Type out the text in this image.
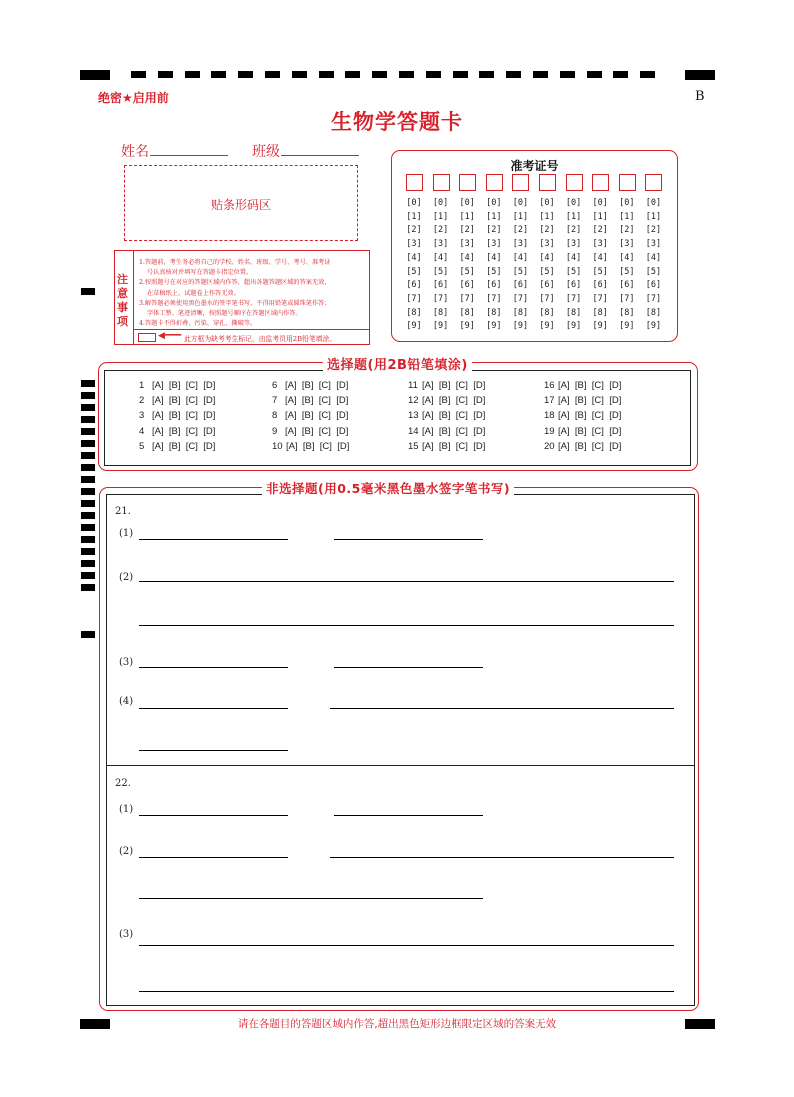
绝密★启用前	B
生物学答题卡
姓名	班级
贴条形码区
准考证号
[0]
[1]
[2]
[3]
[4]
[5]
[6]
[7]
[8]
[9]
[0]
[1]
[2]
[3]
[4]
[5]
[6]
[7]
[8]
[9]
[0]
[1]
[2]
[3]
[4]
[5]
[6]
[7]
[8]
[9]
[0]
[1]
[2]
[3]
[4]
[5]
[6]
[7]
[8]
[9]
[0]
[1]
[2]
[3]
[4]
[5]
[6]
[7]
[8]
[9]
[0]
[1]
[2]
[3]
[4]
[5]
[6]
[7]
[8]
[9]
[0]
[1]
[2]
[3]
[4]
[5]
[6]
[7]
[8]
[9]
[0]
[1]
[2]
[3]
[4]
[5]
[6]
[7]
[8]
[9]
[0]
[1]
[2]
[3]
[4]
[5]
[6]
[7]
[8]
[9]
[0]
[1]
[2]
[3]
[4]
[5]
[6]
[7]
[8]
[9]
注
意
事
项
1.答题前，考生务必将自己的学校、姓名、班级、学号、考号、准考证
号认真核对并填写在答题卡指定位置。
2.按照题号在对应的答题区域内作答，超出各题答题区域的答案无效，
在草稿纸上、试题卷上作答无效。
3.解答题必须使用黑色墨水的签字笔书写，不得用铅笔或圆珠笔作答；
字体工整、笔迹清晰，按照题号顺序在答题区域内作答。
4.答题卡不得折叠、污染、穿孔、撕破等。
◀━━━ 此方框为缺考考生标记，由监考员用2B铅笔填涂。
选择题(用2B铅笔填涂)
1 [A]  [B]  [C]  [D]
2 [A]  [B]  [C]  [D]
3 [A]  [B]  [C]  [D]
4 [A]  [B]  [C]  [D]
5 [A]  [B]  [C]  [D]
6 [A]  [B]  [C]  [D]
7 [A]  [B]  [C]  [D]
8 [A]  [B]  [C]  [D]
9 [A]  [B]  [C]  [D]
10 [A]  [B]  [C]  [D]
11 [A]  [B]  [C]  [D]
12 [A]  [B]  [C]  [D]
13 [A]  [B]  [C]  [D]
14 [A]  [B]  [C]  [D]
15 [A]  [B]  [C]  [D]
16 [A]  [B]  [C]  [D]
17 [A]  [B]  [C]  [D]
18 [A]  [B]  [C]  [D]
19 [A]  [B]  [C]  [D]
20 [A]  [B]  [C]  [D]
非选择题(用0.5毫米黑色墨水签字笔书写)
21.
(1)
(2)
(3)
(4)
22.
(1)
(2)
(3)
请在各题目的答题区域内作答,超出黑色矩形边框限定区域的答案无效
